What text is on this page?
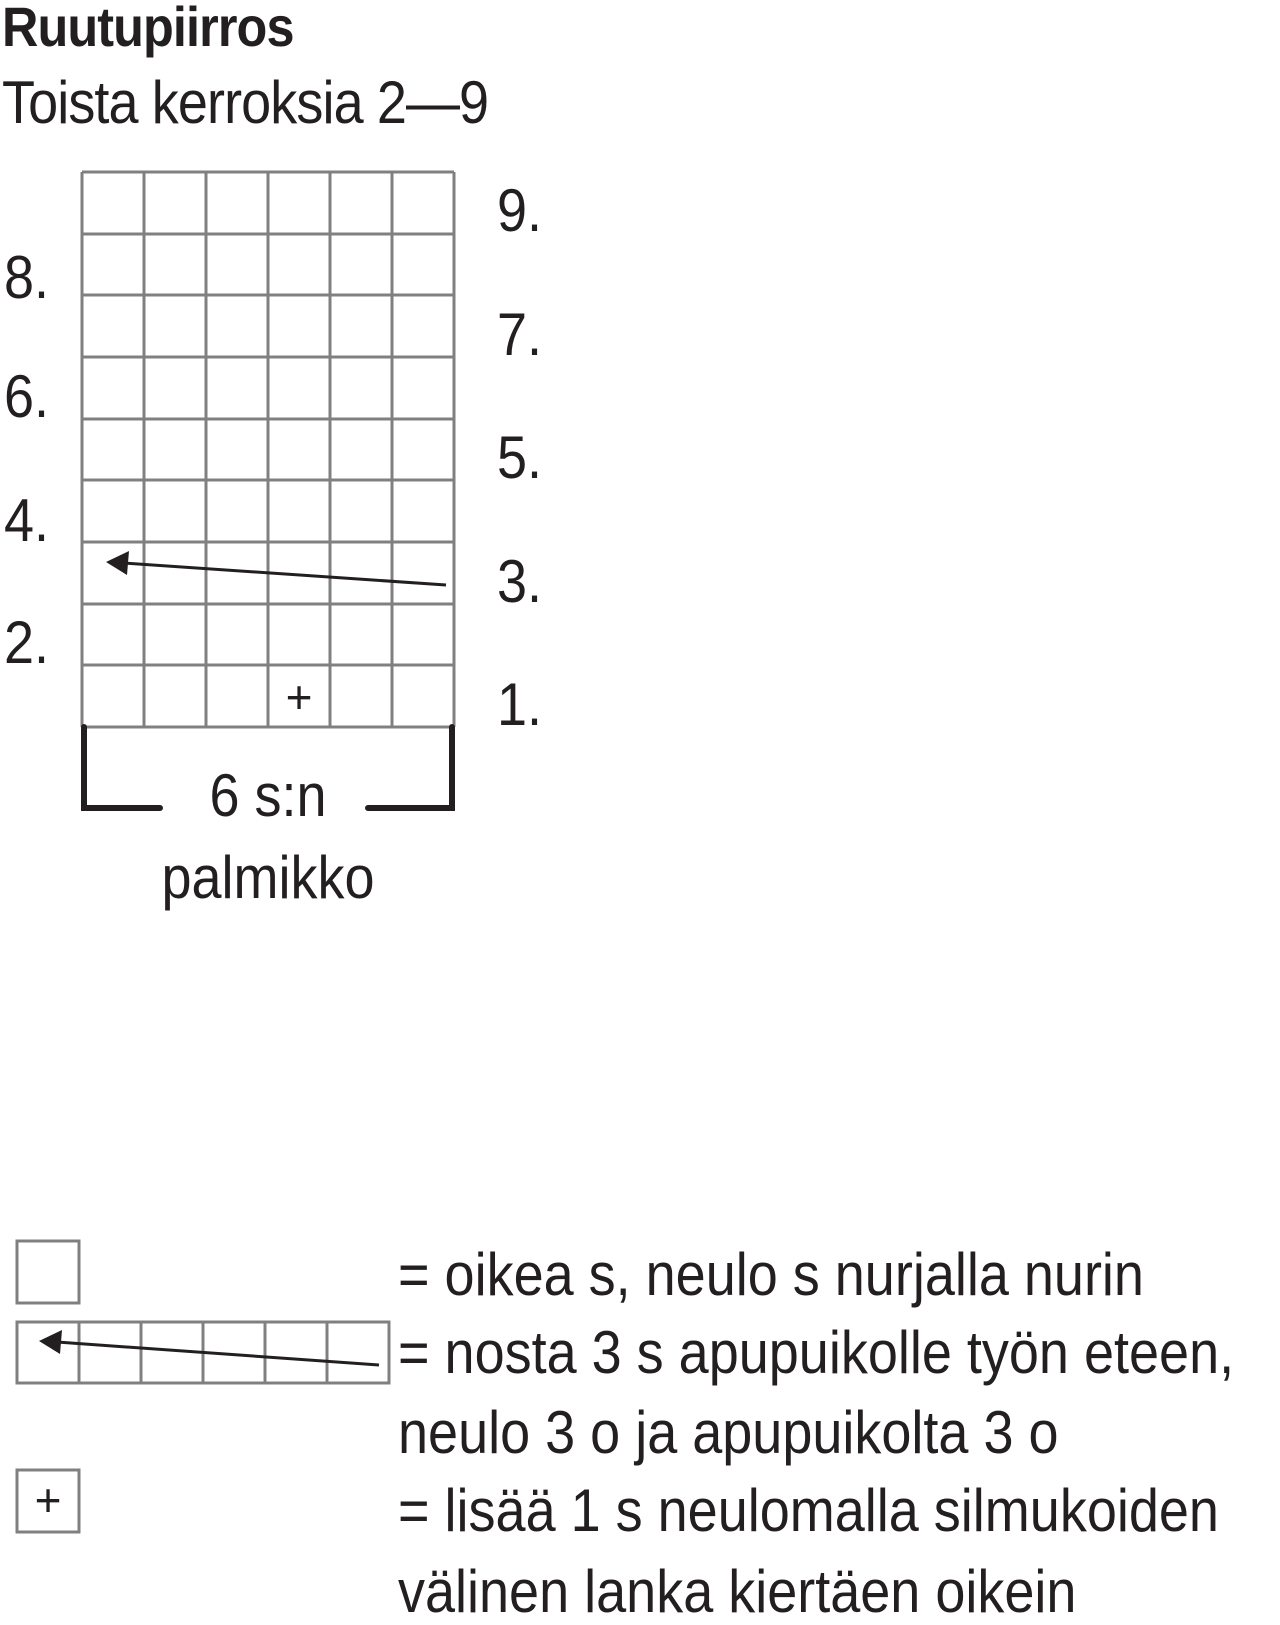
Ruutupiirros
Toista kerroksia 2—9
+
+
8.
6.
4.
2.
9.
7.
5.
3.
1.
6 s:n
palmikko
= oikea s, neulo s nurjalla nurin
= nosta 3 s apupuikolle työn eteen,
neulo 3 o ja apupuikolta 3 o
= lisää 1 s neulomalla silmukoiden
välinen lanka kiertäen oikein
